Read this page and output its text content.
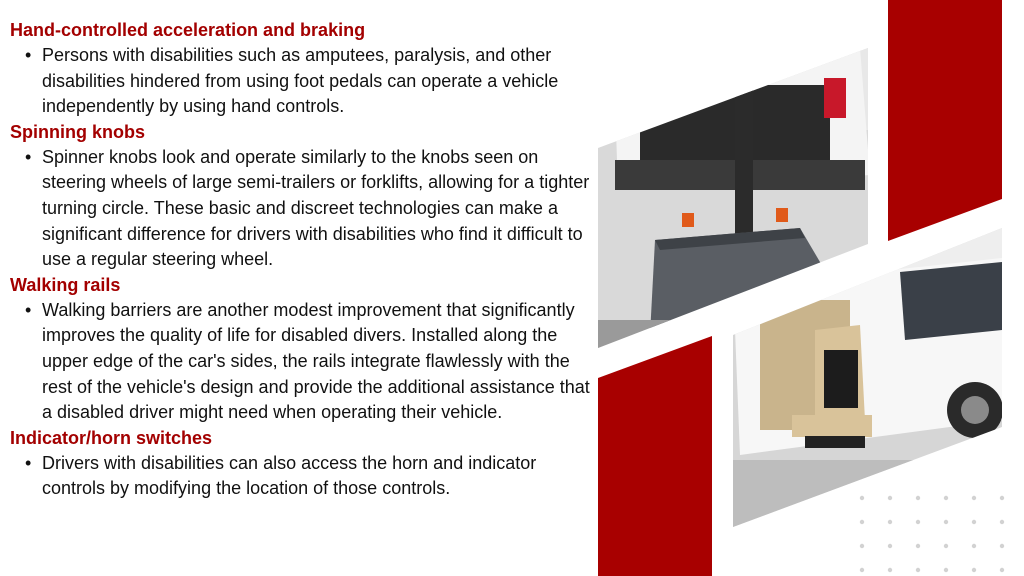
Hand-controlled acceleration and braking

• Persons with disabilities such as amputees, paralysis, and other disabilities hindered from using foot pedals can operate a vehicle independently by using hand controls.

Spinning knobs

• Spinner knobs look and operate similarly to the knobs seen on steering wheels of large semi-trailers or forklifts, allowing for a tighter turning circle. These basic and discreet technologies can make a significant difference for drivers with disabilities who find it difficult to use a regular steering wheel.

Walking rails

• Walking barriers are another modest improvement that significantly improves the quality of life for disabled divers. Installed along the upper edge of the car's sides, the rails integrate flawlessly with the rest of the vehicle's design and provide the additional assistance that a disabled driver might need when operating their vehicle.

Indicator/horn switches

• Drivers with disabilities can also access the horn and indicator controls by modifying the location of those controls.
